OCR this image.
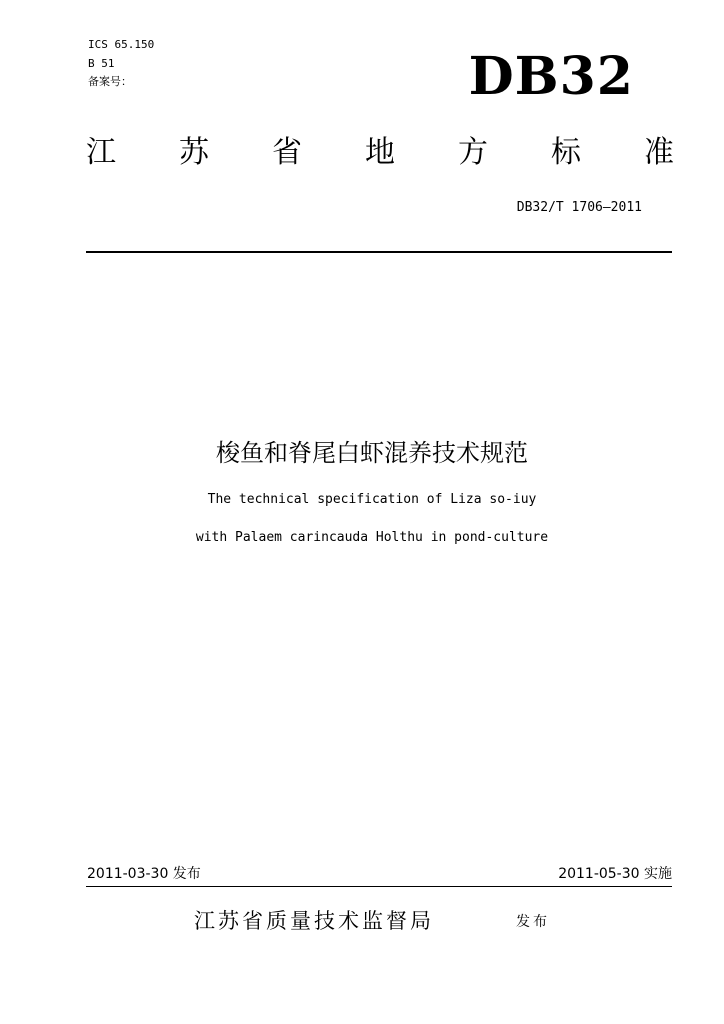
ICS 65.150
B 51
备案号：	DB32
江 苏 省 地 方 标 准
DB32/T 1706—2011
梭鱼和脊尾白虾混养技术规范
The technical specification of Liza so-iuy
with Palaem carincauda Holthu in pond-culture
2011-03-30 发布	2011-05-30 实施
江苏省质量技术监督局	发布
